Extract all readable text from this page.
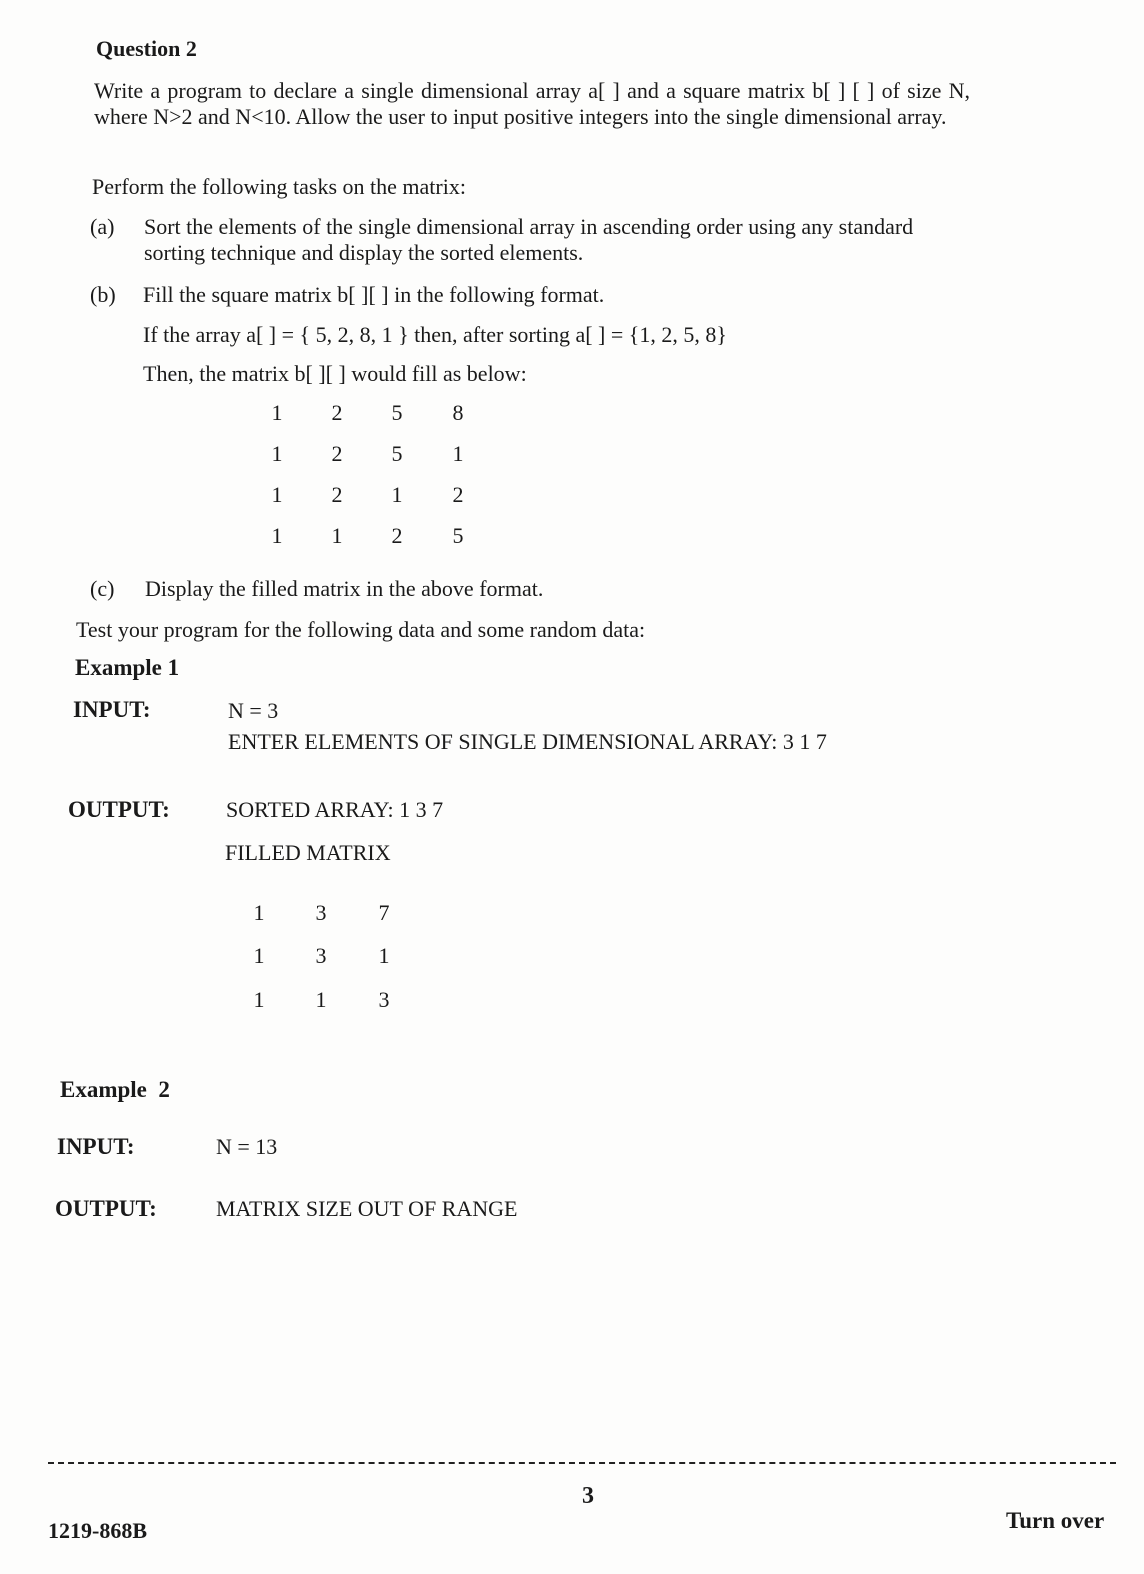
Question 2
Write a program to declare a single dimensional array a[ ] and a square matrix b[ ] [ ] of size N, where N>2 and N<10. Allow the user to input positive integers into the single dimensional array.
Perform the following tasks on the matrix:
(a) Sort the elements of the single dimensional array in ascending order using any standard sorting technique and display the sorted elements.
(b) Fill the square matrix b[ ][ ] in the following format.
If the array a[ ] = { 5, 2, 8, 1 } then, after sorting a[ ] = {1, 2, 5, 8}
Then, the matrix b[ ][ ] would fill as below:
1	2	5	8
1	2	5	1
1	2	1	2
1	1	2	5
(c) Display the filled matrix in the above format.
Test your program for the following data and some random data:
Example 1
INPUT:	N = 3
ENTER ELEMENTS OF SINGLE DIMENSIONAL ARRAY: 3 1 7
OUTPUT:	SORTED ARRAY: 1 3 7
FILLED MATRIX
1	3	7
1	3	1
1	1	3
Example  2
INPUT:	N = 13
OUTPUT:	MATRIX SIZE OUT OF RANGE
3
1219-868B	Turn over
